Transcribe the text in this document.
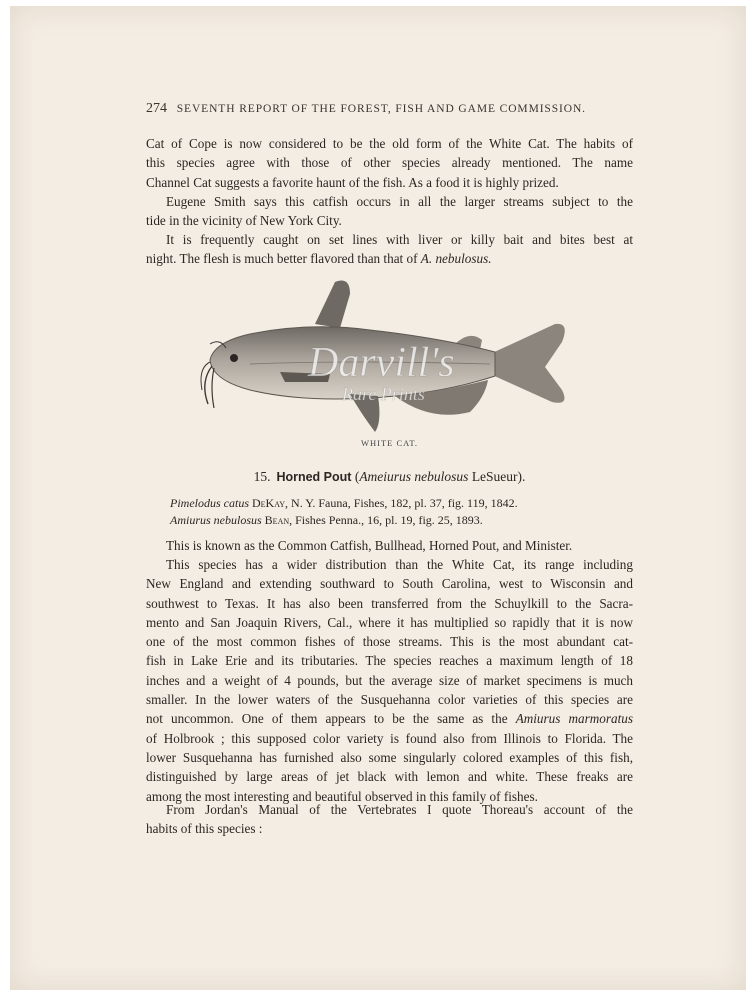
274 SEVENTH REPORT OF THE FOREST, FISH AND GAME COMMISSION.
Cat of Cope is now considered to be the old form of the White Cat. The habits of
this species agree with those of other species already mentioned. The name
Channel Cat suggests a favorite haunt of the fish. As a food it is highly prized.
Eugene Smith says this catfish occurs in all the larger streams subject to the
tide in the vicinity of New York City.
It is frequently caught on set lines with liver or killy bait and bites best at
night. The flesh is much better flavored than that of A. nebulosus.
Darvill's
Rare Prints
WHITE CAT.
15. Horned Pout (Ameiurus nebulosus LeSueur).
Pimelodus catus DeKay, N. Y. Fauna, Fishes, 182, pl. 37, fig. 119, 1842.
Amiurus nebulosus Bean, Fishes Penna., 16, pl. 19, fig. 25, 1893.
This is known as the Common Catfish, Bullhead, Horned Pout, and Minister.
This species has a wider distribution than the White Cat, its range including
New England and extending southward to South Carolina, west to Wisconsin and
southwest to Texas. It has also been transferred from the Schuylkill to the Sacra-
mento and San Joaquin Rivers, Cal., where it has multiplied so rapidly that it is now
one of the most common fishes of those streams. This is the most abundant cat-
fish in Lake Erie and its tributaries. The species reaches a maximum length of 18
inches and a weight of 4 pounds, but the average size of market specimens is much
smaller. In the lower waters of the Susquehanna color varieties of this species are
not uncommon. One of them appears to be the same as the Amiurus marmoratus
of Holbrook ; this supposed color variety is found also from Illinois to Florida. The
lower Susquehanna has furnished also some singularly colored examples of this fish,
distinguished by large areas of jet black with lemon and white. These freaks are
among the most interesting and beautiful observed in this family of fishes.
From Jordan's Manual of the Vertebrates I quote Thoreau's account of the
habits of this species :
